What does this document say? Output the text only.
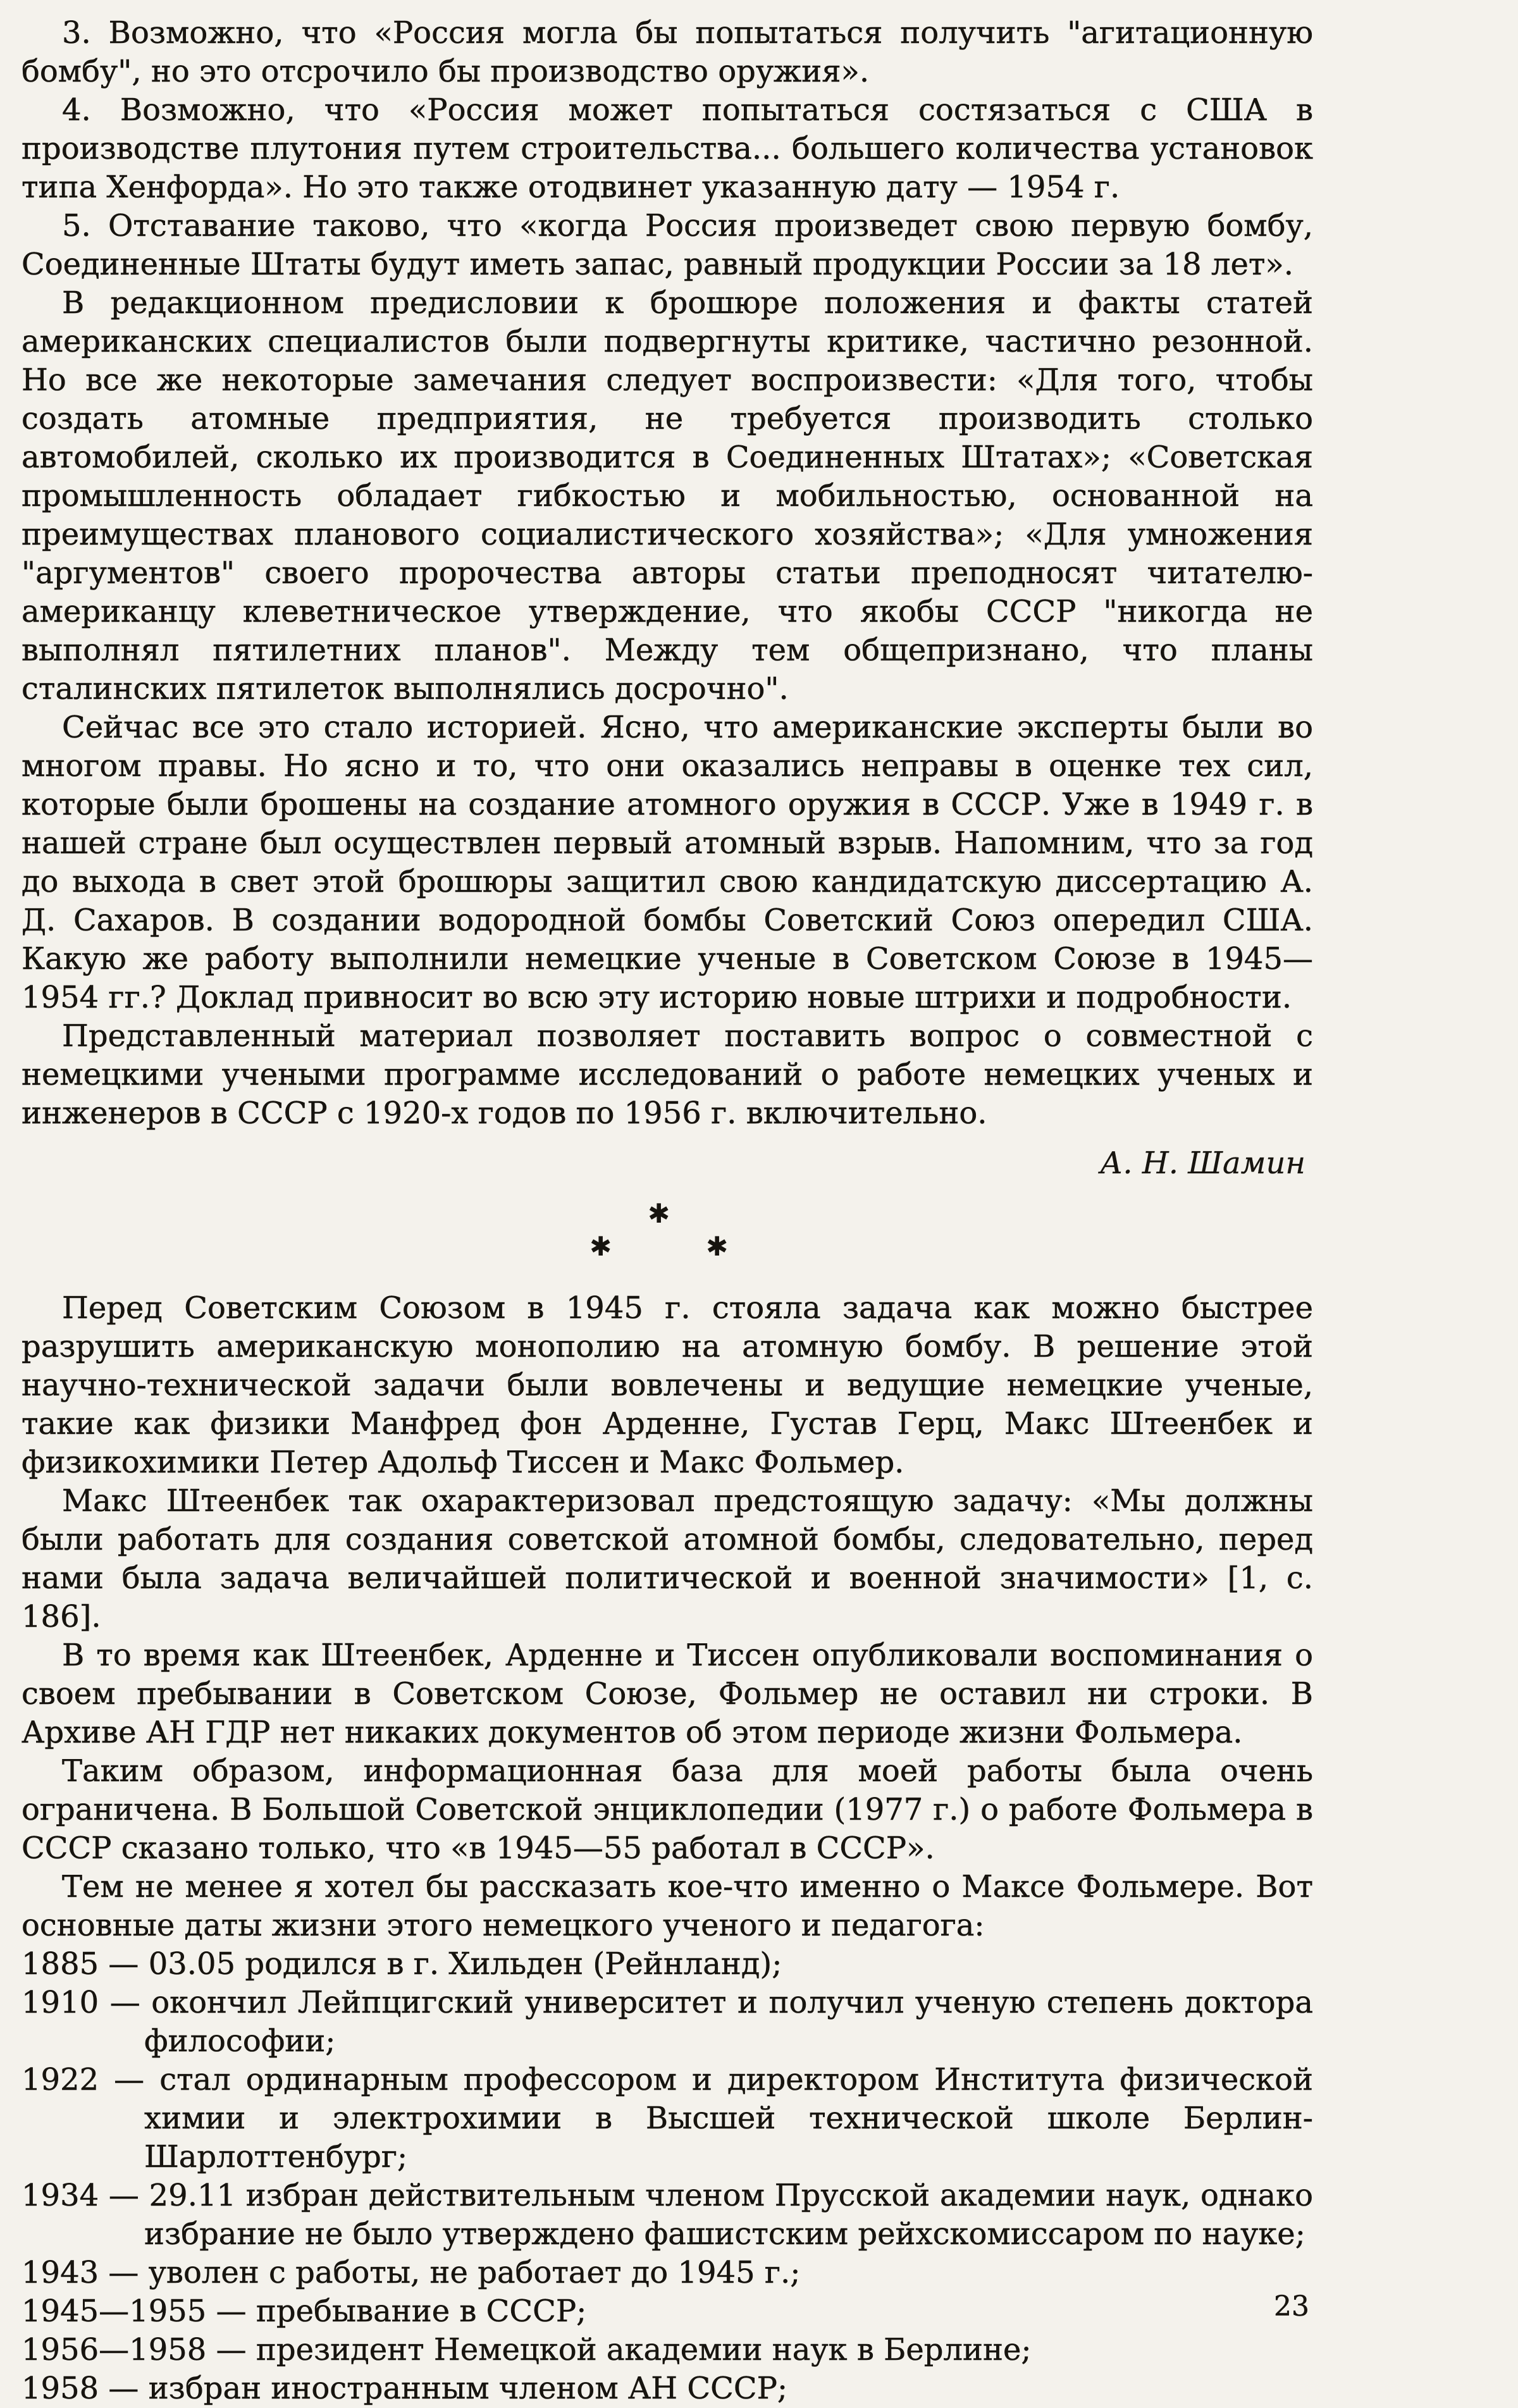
3. Возможно, что «Россия могла бы попытаться получить "агитационную бомбу", но это отсрочило бы производство оружия».

4. Возможно, что «Россия может попытаться состязаться с США в производстве плутония путем строительства... большего количества установок типа Хенфорда». Но это также отодвинет указанную дату — 1954 г.

5. Отставание таково, что «когда Россия произведет свою первую бомбу, Соединенные Штаты будут иметь запас, равный продукции России за 18 лет».

В редакционном предисловии к брошюре положения и факты статей американских специалистов были подвергнуты критике, частично резонной. Но все же некоторые замечания следует воспроизвести: «Для того, чтобы создать атомные предприятия, не требуется производить столько автомобилей, сколько их производится в Соединенных Штатах»; «Советская промышленность обладает гибкостью и мобильностью, основанной на преимуществах планового социалистического хозяйства»; «Для умножения "аргументов" своего пророчества авторы статьи преподносят читателю-американцу клеветническое утверждение, что якобы СССР "никогда не выполнял пятилетних планов". Между тем общепризнано, что планы сталинских пятилеток выполнялись досрочно".

Сейчас все это стало историей. Ясно, что американские эксперты были во многом правы. Но ясно и то, что они оказались неправы в оценке тех сил, которые были брошены на создание атомного оружия в СССР. Уже в 1949 г. в нашей стране был осуществлен первый атомный взрыв. Напомним, что за год до выхода в свет этой брошюры защитил свою кандидатскую диссертацию А. Д. Сахаров. В создании водородной бомбы Советский Союз опередил США. Какую же работу выполнили немецкие ученые в Советском Союзе в 1945—1954 гг.? Доклад привносит во всю эту историю новые штрихи и подробности.

Представленный материал позволяет поставить вопрос о совместной с немецкими учеными программе исследований о работе немецких ученых и инженеров в СССР с 1920-х годов по 1956 г. включительно.

А. Н. Шамин

✱
✱	✱

Перед Советским Союзом в 1945 г. стояла задача как можно быстрее разрушить американскую монополию на атомную бомбу. В решение этой научно-технической задачи были вовлечены и ведущие немецкие ученые, такие как физики Манфред фон Арденне, Густав Герц, Макс Штеенбек и физикохимики Петер Адольф Тиссен и Макс Фольмер.

Макс Штеенбек так охарактеризовал предстоящую задачу: «Мы должны были работать для создания советской атомной бомбы, следовательно, перед нами была задача величайшей политической и военной значимости» [1, с. 186].

В то время как Штеенбек, Арденне и Тиссен опубликовали воспоминания о своем пребывании в Советском Союзе, Фольмер не оставил ни строки. В Архиве АН ГДР нет никаких документов об этом периоде жизни Фольмера.

Таким образом, информационная база для моей работы была очень ограничена. В Большой Советской энциклопедии (1977 г.) о работе Фольмера в СССР сказано только, что «в 1945—55 работал в СССР».

Тем не менее я хотел бы рассказать кое-что именно о Максе Фольмере. Вот основные даты жизни этого немецкого ученого и педагога:

1885 — 03.05 родился в г. Хильден (Рейнланд);

1910 — окончил Лейпцигский университет и получил ученую степень доктора философии;

1922 — стал ординарным профессором и директором Института физической химии и электрохимии в Высшей технической школе Берлин-Шарлоттенбург;

1934 — 29.11 избран действительным членом Прусской академии наук, однако избрание не было утверждено фашистским рейхскомиссаром по науке;

1943 — уволен с работы, не работает до 1945 г.;

1945—1955 — пребывание в СССР;

1956—1958 — президент Немецкой академии наук в Берлине;

1958 — избран иностранным членом АН СССР;

23
